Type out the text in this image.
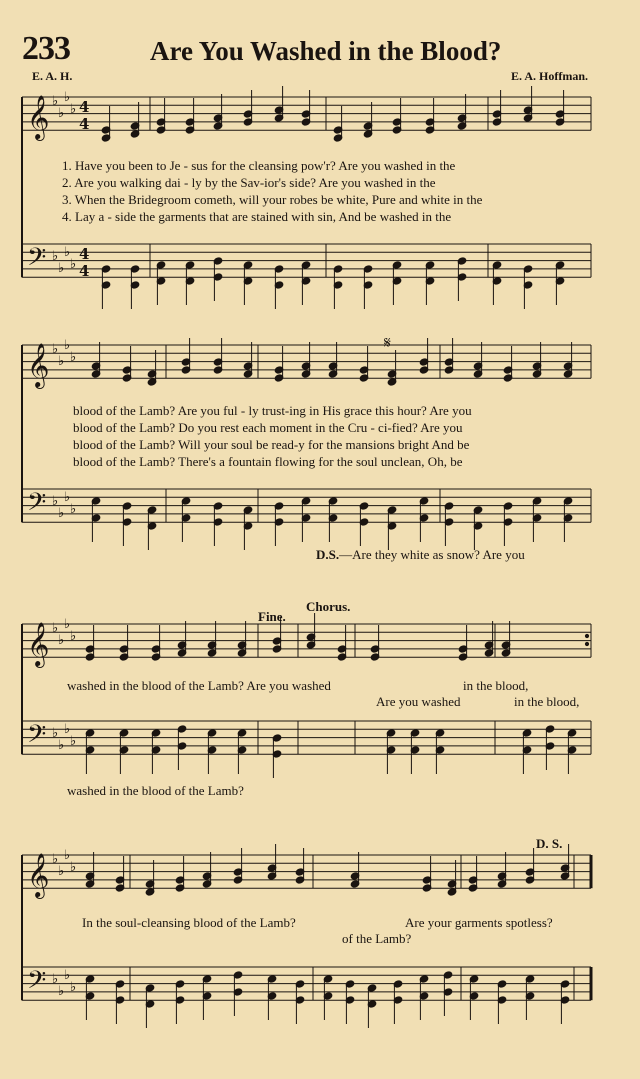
233	Are You Washed in the Blood?
E. A. H.	E. A. Hoffman.
𝄞 ♭
♭
♭
♭ 4
4
𝄢 ♭
♭
♭
♭
4
4
𝄞 ♭
♭
♭
♭
𝄢 ♭
♭
♭
♭
𝄞 ♭
♭
♭
♭
𝄢 ♭
♭
♭
♭
𝄞 ♭
♭
♭
♭
𝄢 ♭
♭
♭
♭
𝄋
1. Have you been to Je - sus for the cleansing pow'r? Are you washed in the
2. Are you walking dai - ly by the Sav-ior's side? Are you washed in the
3. When the Bridegroom cometh, will your robes be white, Pure and white in the
4. Lay a - side the garments that are stained with sin, And be washed in the
blood of the Lamb? Are you ful - ly trust-ing in His grace this hour? Are you
blood of the Lamb? Do you rest each moment in the Cru - ci-fied? Are you
blood of the Lamb? Will your soul be read-y for the mansions bright And be
blood of the Lamb? There's a fountain flowing for the soul unclean, Oh, be
D.S.—Are they white as snow? Are you
Fine.
Chorus.
washed in the blood of the Lamb? Are you washed	in the blood,
Are you washed	in the blood,
washed in the blood of the Lamb?
D. S.
In the soul-cleansing blood of the Lamb?	Are your garments spotless?
of the Lamb?
